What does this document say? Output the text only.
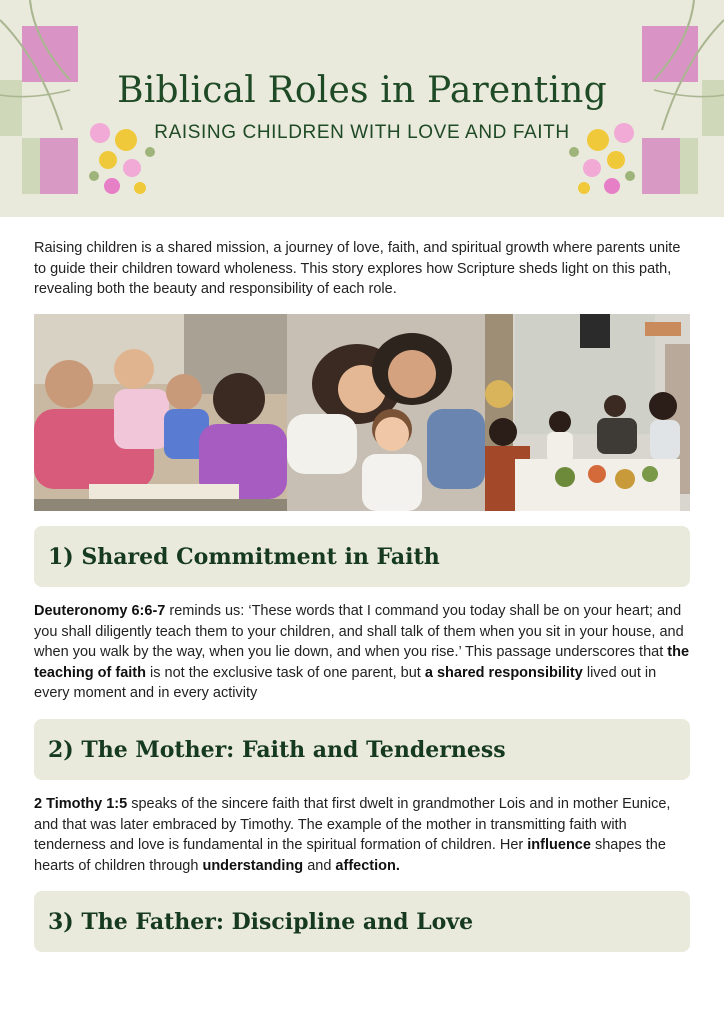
Biblical Roles in Parenting
RAISING CHILDREN WITH LOVE AND FAITH

Raising children is a shared mission, a journey of love, faith, and spiritual growth where parents unite to guide their children toward wholeness. This story explores how Scripture sheds light on this path, revealing both the beauty and responsibility of each role.

1) Shared Commitment in Faith

Deuteronomy 6:6-7 reminds us: ‘These words that I command you today shall be on your heart; and you shall diligently teach them to your children, and shall talk of them when you sit in your house, and when you walk by the way, when you lie down, and when you rise.’ This passage underscores that the teaching of faith is not the exclusive task of one parent, but a shared responsibility lived out in every moment and in every activity

2) The Mother: Faith and Tenderness

2 Timothy 1:5 speaks of the sincere faith that first dwelt in grandmother Lois and in mother Eunice, and that was later embraced by Timothy. The example of the mother in transmitting faith with tenderness and love is fundamental in the spiritual formation of children. Her influence shapes the hearts of children through understanding and affection.

3) The Father: Discipline and Love
